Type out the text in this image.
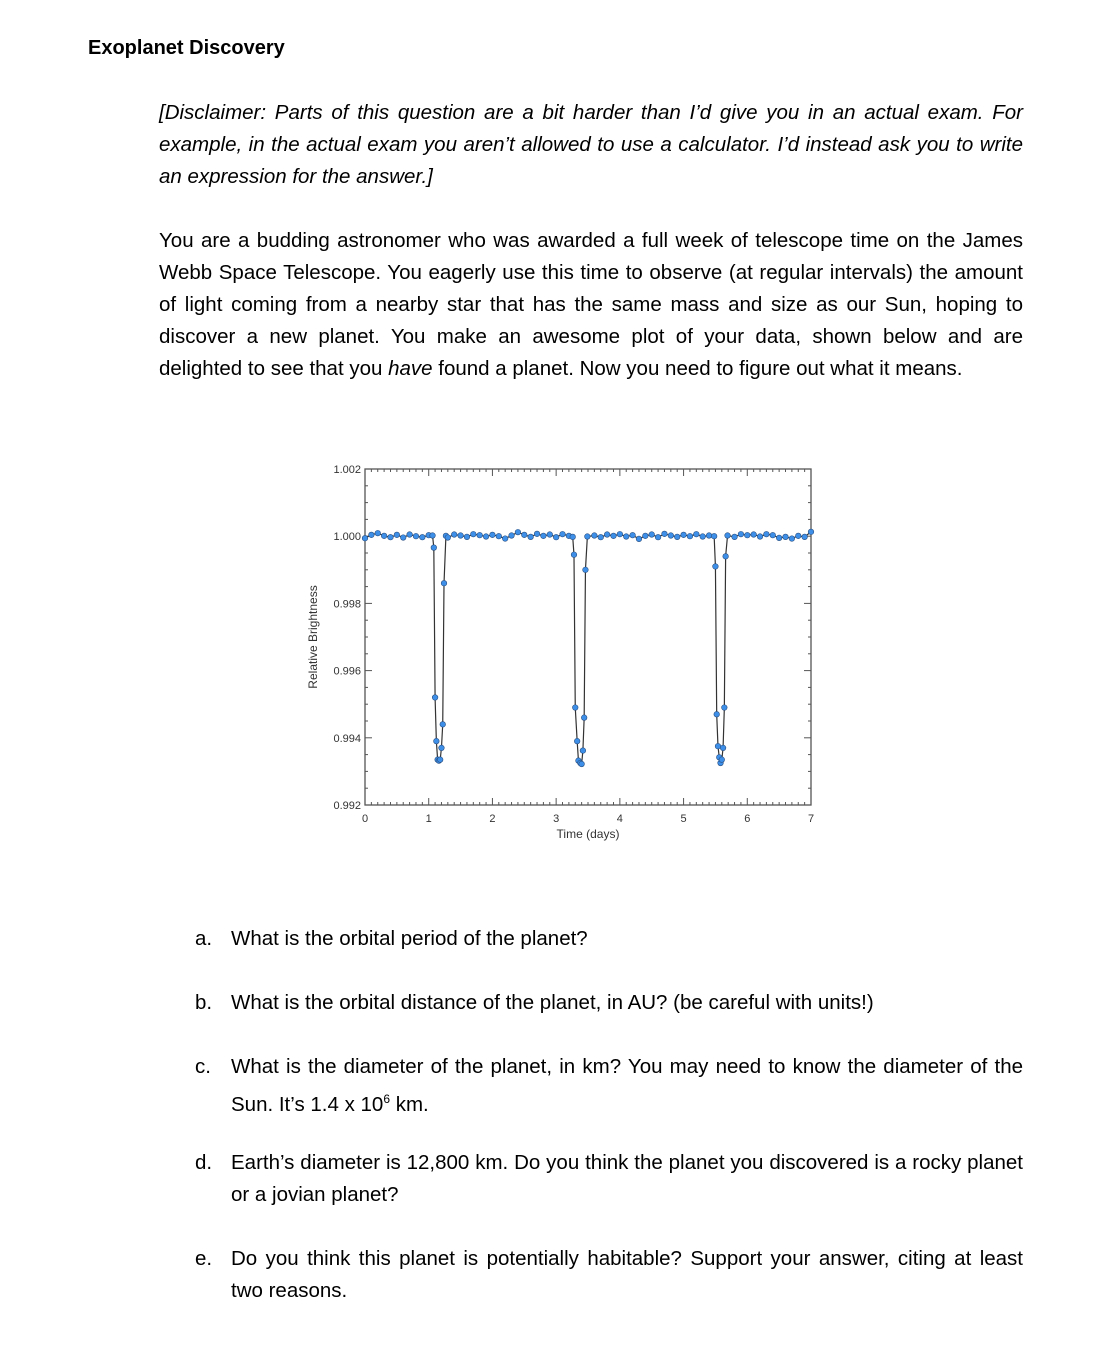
Exoplanet Discovery
[Disclaimer: Parts of this question are a bit harder than I’d give you in an actual exam. For example, in the actual exam you aren’t allowed to use a calculator. I’d instead ask you to write an expression for the answer.]
You are a budding astronomer who was awarded a full week of telescope time on the James Webb Space Telescope. You eagerly use this time to observe (at regular intervals) the amount of light coming from a nearby star that has the same mass and size as our Sun, hoping to discover a new planet. You make an awesome plot of your data, shown below and are delighted to see that you have found a planet. Now you need to figure out what it means.
0	1	2	3	4	5	6	7
0.992
0.994
0.996
0.998
1.000
1.002
Time (days)
Relative Brightness
a. What is the orbital period of the planet?
b. What is the orbital distance of the planet, in AU? (be careful with units!)
c. What is the diameter of the planet, in km? You may need to know the diameter of the Sun. It’s 1.4 x $10^6$ km.
d. Earth’s diameter is 12,800 km. Do you think the planet you discovered is a rocky planet or a jovian planet?
e. Do you think this planet is potentially habitable? Support your answer, citing at least two reasons.
